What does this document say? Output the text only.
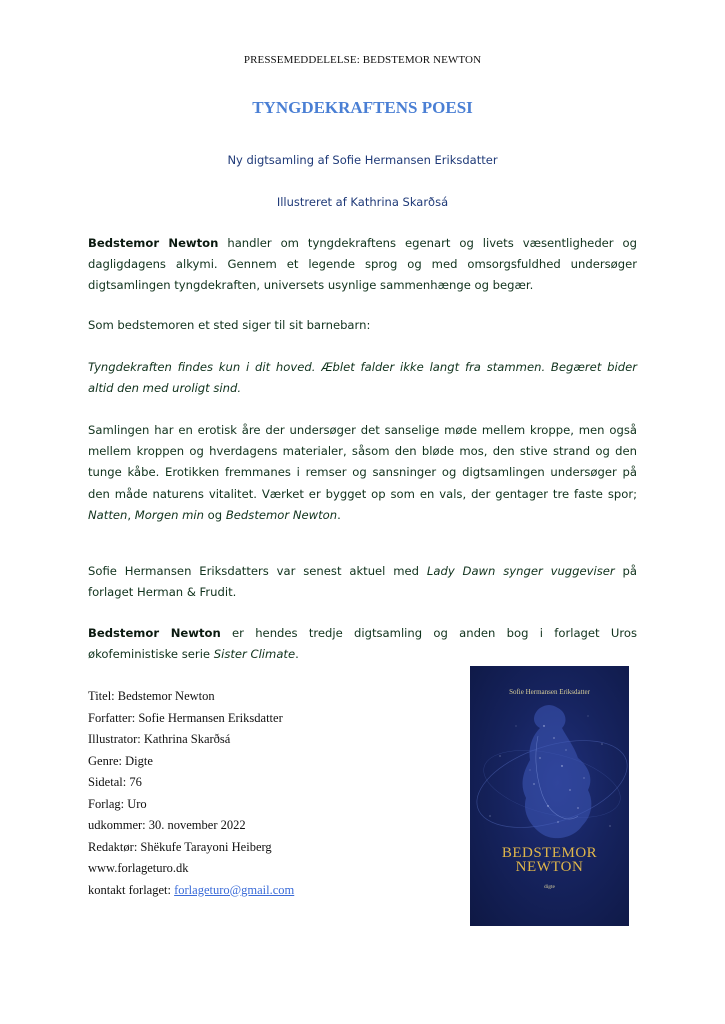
PRESSEMEDDELELSE: BEDSTEMOR NEWTON
TYNGDEKRAFTENS POESI
Ny digtsamling af Sofie Hermansen Eriksdatter
Illustreret af Kathrina Skarðsá

Bedstemor Newton handler om tyngdekraftens egenart og livets væsentligheder og dagligdagens alkymi. Gennem et legende sprog og med omsorgsfuldhed undersøger digtsamlingen tyngdekraften, universets usynlige sammenhænge og begær.

Som bedstemoren et sted siger til sit barnebarn:

Tyngdekraften findes kun i dit hoved. Æblet falder ikke langt fra stammen. Begæret bider altid den med uroligt sind.

Samlingen har en erotisk åre der undersøger det sanselige møde mellem kroppe, men også mellem kroppen og hverdagens materialer, såsom den bløde mos, den stive strand og den tunge kåbe. Erotikken fremmanes i remser og sansninger og digtsamlingen undersøger på den måde naturens vitalitet. Værket er bygget op som en vals, der gentager tre faste spor; Natten, Morgen min og Bedstemor Newton.

Sofie Hermansen Eriksdatters var senest aktuel med Lady Dawn synger vuggeviser på forlaget Herman & Frudit.

Bedstemor Newton er hendes tredje digtsamling og anden bog i forlaget Uros økofeministiske serie Sister Climate.

Titel: Bedstemor Newton
Forfatter: Sofie Hermansen Eriksdatter
Illustrator: Kathrina Skarðsá
Genre: Digte
Sidetal: 76
Forlag: Uro
udkommer: 30. november 2022
Redaktør: Shëkufe Tarayoni Heiberg
www.forlageturo.dk
kontakt forlaget: forlageturo@gmail.com
Sofie Hermansen Eriksdatter
BEDSTEMOR
NEWTON
digte
